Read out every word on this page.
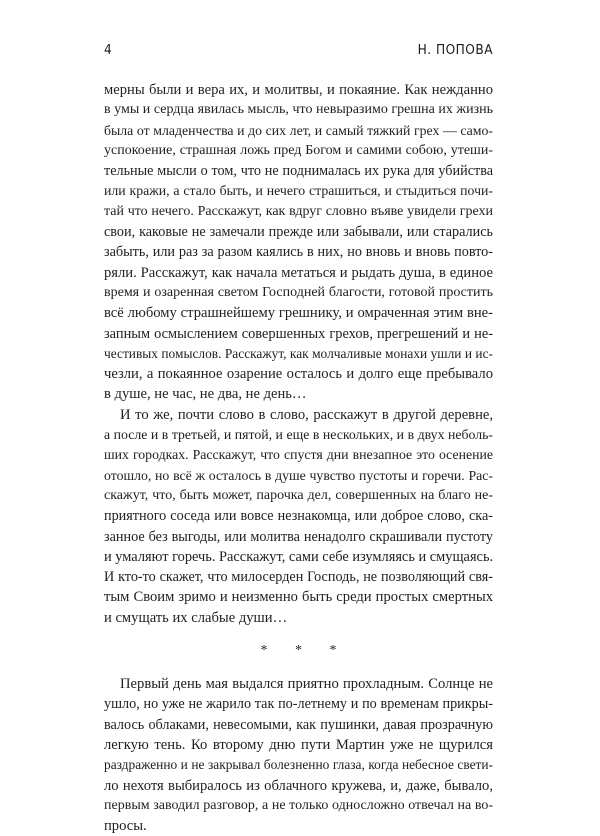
4	Н. ПОПОВА
мерны были и вера их, и молитвы, и покаяние. Как нежданно
в умы и сердца явилась мысль, что невыразимо грешна их жизнь
была от младенчества и до сих лет, и самый тяжкий грех — само-
успокоение, страшная ложь пред Богом и самими собою, утеши-
тельные мысли о том, что не поднималась их рука для убийства
или кражи, а стало быть, и нечего страшиться, и стыдиться почи-
тай что нечего. Расскажут, как вдруг словно въяве увидели грехи
свои, каковые не замечали прежде или забывали, или старались
забыть, или раз за разом каялись в них, но вновь и вновь повто-
ряли. Расскажут, как начала метаться и рыдать душа, в единое
время и озаренная светом Господней благости, готовой простить
всё любому страшнейшему грешнику, и омраченная этим вне-
запным осмыслением совершенных грехов, прегрешений и не-
честивых помыслов. Расскажут, как молчаливые монахи ушли и ис-
чезли, а покаянное озарение осталось и долго еще пребывало
в душе, не час, не два, не день…
И то же, почти слово в слово, расскажут в другой деревне,
а после и в третьей, и пятой, и еще в нескольких, и в двух неболь-
ших городках. Расскажут, что спустя дни внезапное это осенение
отошло, но всё ж осталось в душе чувство пустоты и горечи. Рас-
скажут, что, быть может, парочка дел, совершенных на благо не-
приятного соседа или вовсе незнакомца, или доброе слово, ска-
занное без выгоды, или молитва ненадолго скрашивали пустоту
и умаляют горечь. Расскажут, сами себе изумляясь и смущаясь.
И кто-то скажет, что милосерден Господь, не позволяющий свя-
тым Своим зримо и неизменно быть среди простых смертных
и смущать их слабые души…
* * *
Первый день мая выдался приятно прохладным. Солнце не
ушло, но уже не жарило так по-летнему и по временам прикры-
валось облаками, невесомыми, как пушинки, давая прозрачную
легкую тень. Ко второму дню пути Мартин уже не щурился
раздраженно и не закрывал болезненно глаза, когда небесное свети-
ло нехотя выбиралось из облачного кружева, и, даже, бывало,
первым заводил разговор, а не только односложно отвечал на во-
просы.
